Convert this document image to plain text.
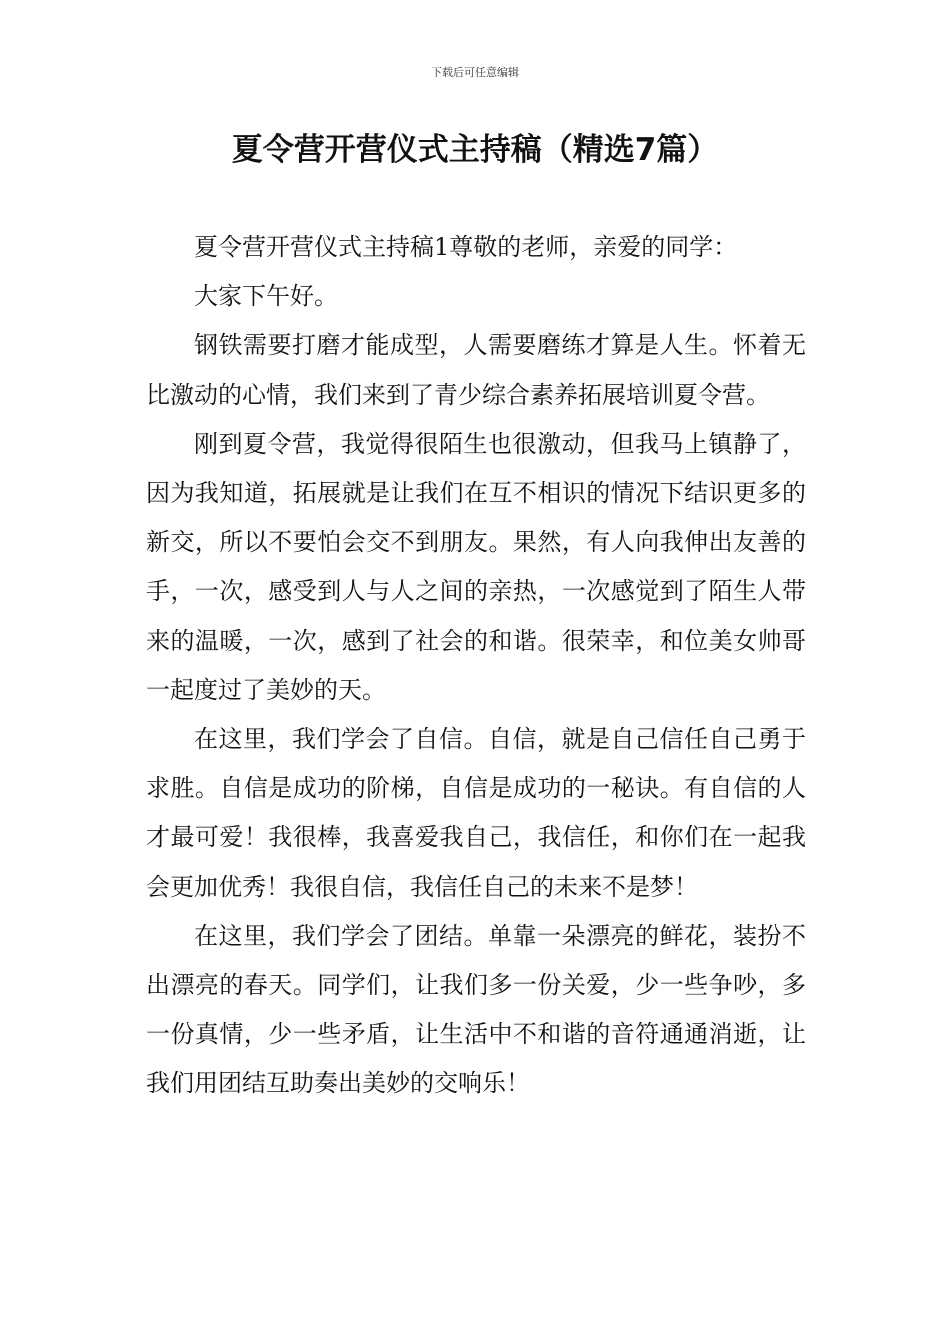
下载后可任意编辑
夏令营开营仪式主持稿（精选7篇）

夏令营开营仪式主持稿1尊敬的老师，亲爱的同学：

大家下午好。

钢铁需要打磨才能成型，人需要磨练才算是人生。怀着无比激动的心情，我们来到了青少综合素养拓展培训夏令营。

刚到夏令营，我觉得很陌生也很激动，但我马上镇静了，因为我知道，拓展就是让我们在互不相识的情况下结识更多的新交，所以不要怕会交不到朋友。果然，有人向我伸出友善的手，一次，感受到人与人之间的亲热，一次感觉到了陌生人带来的温暖，一次，感到了社会的和谐。很荣幸，和位美女帅哥一起度过了美妙的天。

在这里，我们学会了自信。自信，就是自己信任自己勇于求胜。自信是成功的阶梯，自信是成功的一秘诀。有自信的人才最可爱！我很棒，我喜爱我自己，我信任，和你们在一起我会更加优秀！我很自信，我信任自己的未来不是梦！

在这里，我们学会了团结。单靠一朵漂亮的鲜花，装扮不出漂亮的春天。同学们，让我们多一份关爱，少一些争吵，多一份真情，少一些矛盾，让生活中不和谐的音符通通消逝，让我们用团结互助奏出美妙的交响乐！
